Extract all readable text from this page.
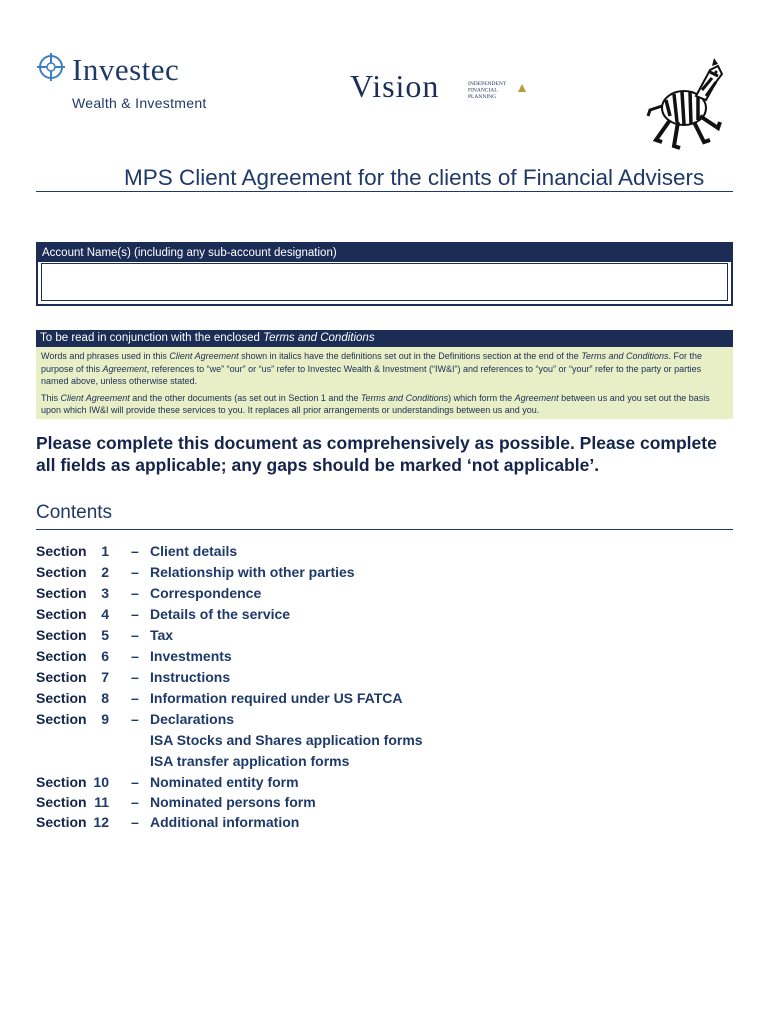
Investec
Wealth & Investment	Vision	INDEPENDENT
FINANCIAL
PLANNING
MPS Client Agreement for the clients of Financial Advisers
Account Name(s) (including any sub-account designation)
To be read in conjunction with the enclosed Terms and Conditions

Words and phrases used in this Client Agreement shown in italics have the definitions set out in the Definitions section at the end of the Terms and Conditions. For the purpose of this Agreement, references to “we” “our” or “us” refer to Investec Wealth & Investment (“IW&I”) and references to “you” or “your” refer to the party or parties named above, unless otherwise stated.

This Client Agreement and the other documents (as set out in Section 1 and the Terms and Conditions) which form the Agreement between us and you set out the basis upon which IW&I will provide these services to you. It replaces all prior arrangements or understandings between us and you.

Please complete this document as comprehensively as possible. Please complete all fields as applicable; any gaps should be marked ‘not applicable’.
Contents
Section 1 – Client details
Section 2 – Relationship with other parties
Section 3 – Correspondence
Section 4 – Details of the service
Section 5 – Tax
Section 6 – Investments
Section 7 – Instructions
Section 8 – Information required under US FATCA
Section 9 – Declarations
ISA Stocks and Shares application forms
ISA transfer application forms
Section 10 – Nominated entity form
Section 11 – Nominated persons form
Section 12 – Additional information
